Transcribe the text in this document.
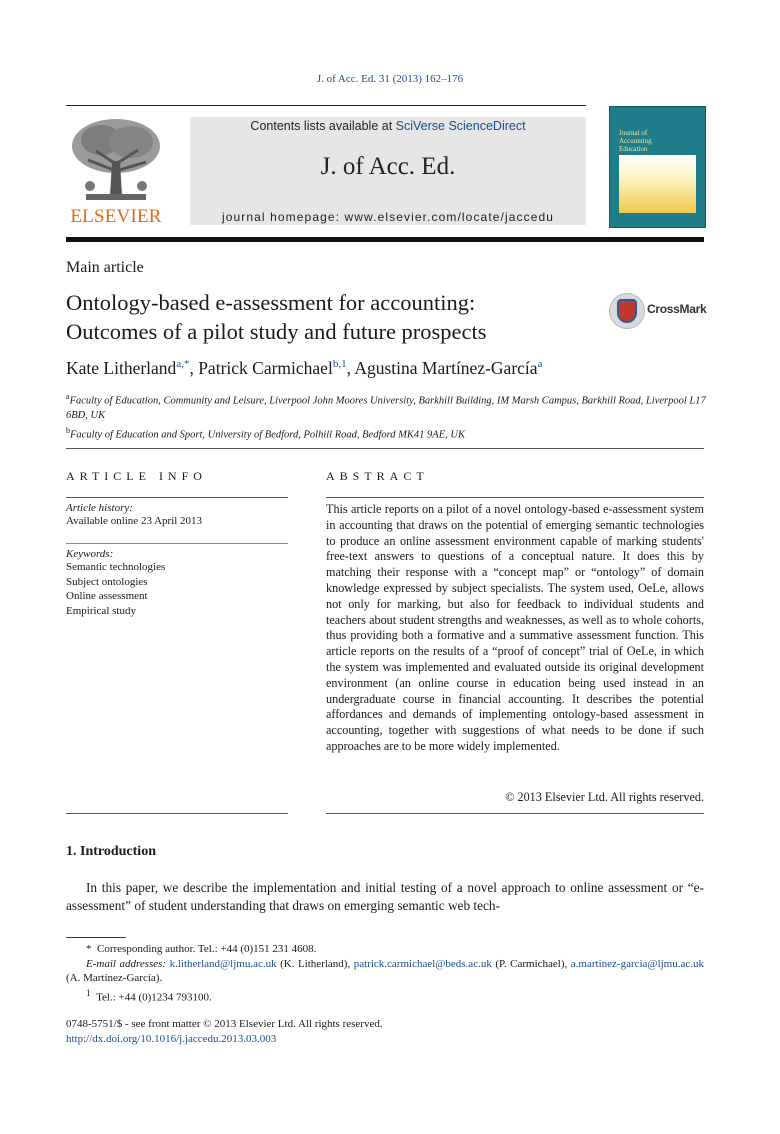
J. of Acc. Ed. 31 (2013) 162–176
ELSEVIER
Contents lists available at SciVerse ScienceDirect
J. of Acc. Ed.
journal homepage: www.elsevier.com/locate/jaccedu
Journal of
Accounting
Education
Main article
Ontology-based e-assessment for accounting:
Outcomes of a pilot study and future prospects
CrossMark
Kate Litherland$^{a,*}$, Patrick Carmichael$^{b,1}$, Agustina Martínez-García$^a$
$^a$Faculty of Education, Community and Leisure, Liverpool John Moores University, Barkhill Building, IM Marsh Campus, Barkhill Road, Liverpool L17 6BD, UK
$^b$Faculty of Education and Sport, University of Bedford, Polhill Road, Bedford MK41 9AE, UK
ARTICLE INFO
Article history:
Available online 23 April 2013
Keywords:
Semantic technologies
Subject ontologies
Online assessment
Empirical study
ABSTRACT
This article reports on a pilot of a novel ontology-based e-assessment system in accounting that draws on the potential of emerging semantic technologies to produce an online assessment environment capable of marking students' free-text answers to questions of a conceptual nature. It does this by matching their response with a “concept map” or “ontology” of domain knowledge expressed by subject specialists. The system used, OeLe, allows not only for marking, but also for feedback to individual students and teachers about student strengths and weaknesses, as well as to whole cohorts, thus providing both a formative and a summative assessment function. This article reports on the results of a “proof of concept” trial of OeLe, in which the system was implemented and evaluated outside its original development environment (an online course in education being used instead in an undergraduate course in financial accounting. It describes the potential affordances and demands of implementing ontology-based assessment in accounting, together with suggestions of what needs to be done if such approaches are to be more widely implemented.
© 2013 Elsevier Ltd. All rights reserved.
1. Introduction
In this paper, we describe the implementation and initial testing of a novel approach to online assessment or “e-assessment” of student understanding that draws on emerging semantic web tech-
* Corresponding author. Tel.: +44 (0)151 231 4608.
E-mail addresses: k.litherland@ljmu.ac.uk (K. Litherland), patrick.carmichael@beds.ac.uk (P. Carmichael), a.martinez-garcia@ljmu.ac.uk (A. Martínez-García).
$^1$ Tel.: +44 (0)1234 793100.
0748-5751/$ - see front matter © 2013 Elsevier Ltd. All rights reserved.
http://dx.doi.org/10.1016/j.jaccedu.2013.03.003
